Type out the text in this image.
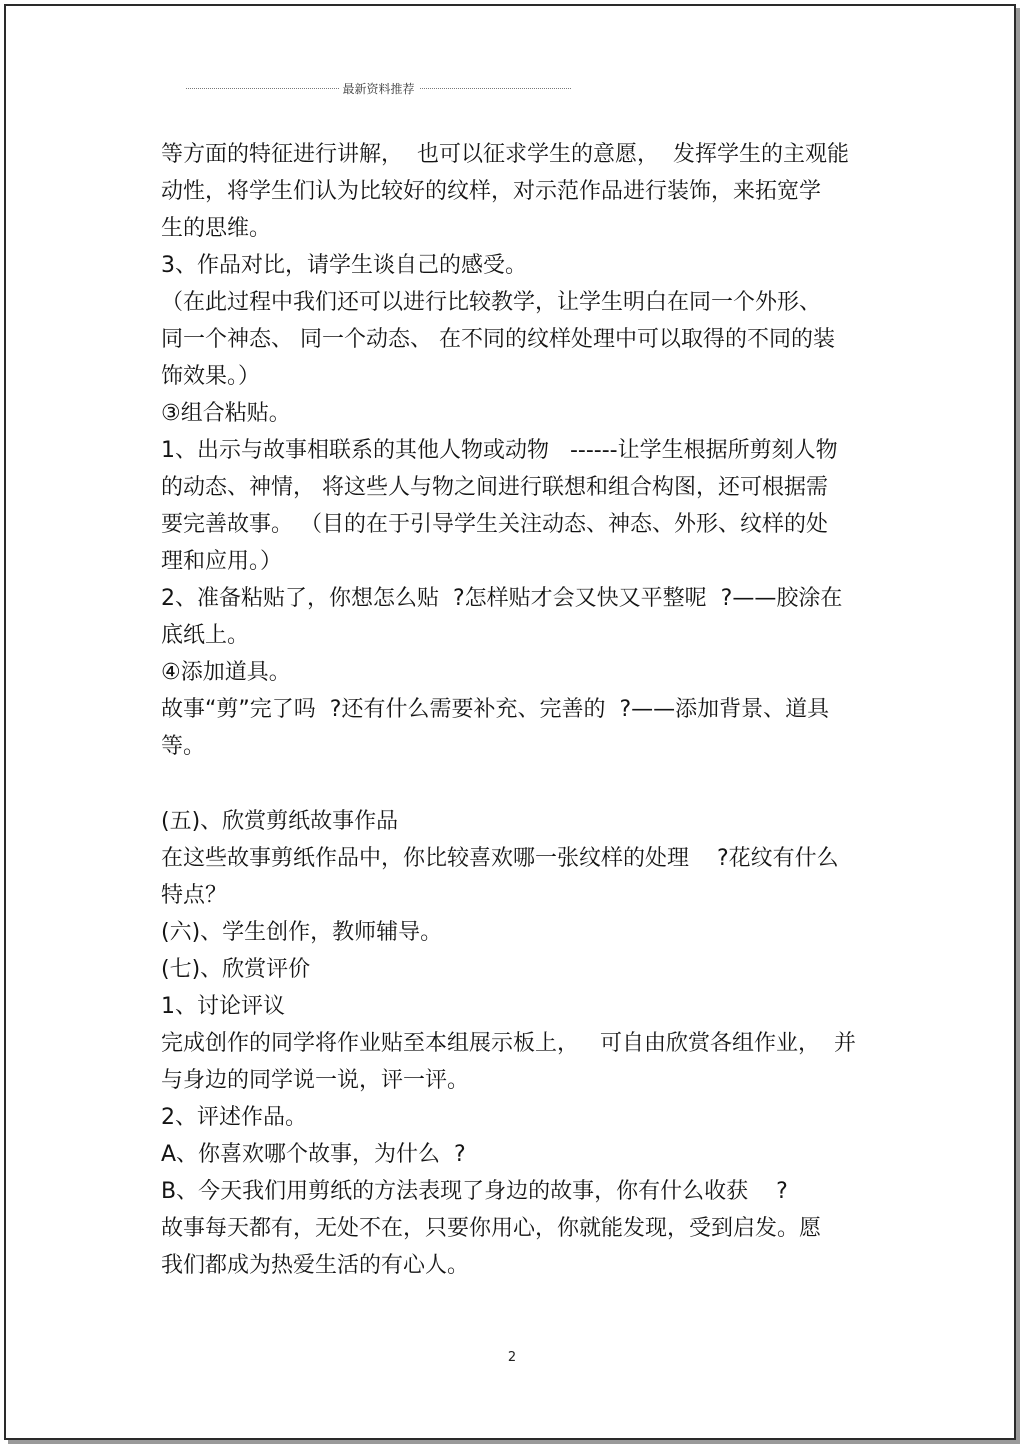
最新资料推荐
等方面的特征进行讲解，  也可以征求学生的意愿，  发挥学生的主观能
动性，将学生们认为比较好的纹样，对示范作品进行装饰，来拓宽学
生的思维。
3、作品对比，请学生谈自己的感受。
（在此过程中我们还可以进行比较教学，让学生明白在同一个外形、
同一个神态、 同一个动态、 在不同的纹样处理中可以取得的不同的装
饰效果。）
③组合粘贴。
1、出示与故事相联系的其他人物或动物   ------让学生根据所剪刻人物
的动态、神情， 将这些人与物之间进行联想和组合构图，还可根据需
要完善故事。 （目的在于引导学生关注动态、神态、外形、纹样的处
理和应用。）
2、准备粘贴了，你想怎么贴  ?怎样贴才会又快又平整呢  ?——胶涂在
底纸上。
④添加道具。
故事“剪”完了吗  ?还有什么需要补充、完善的  ?——添加背景、道具
等。
(五)、欣赏剪纸故事作品
在这些故事剪纸作品中，你比较喜欢哪一张纹样的处理    ?花纹有什么
特点？
(六)、学生创作，教师辅导。
(七)、欣赏评价
1、讨论评议
完成创作的同学将作业贴至本组展示板上，   可自由欣赏各组作业，  并
与身边的同学说一说，评一评。
2、评述作品。
A、你喜欢哪个故事，为什么  ?
B、今天我们用剪纸的方法表现了身边的故事，你有什么收获    ?
故事每天都有，无处不在，只要你用心，你就能发现，受到启发。愿
我们都成为热爱生活的有心人。
2
